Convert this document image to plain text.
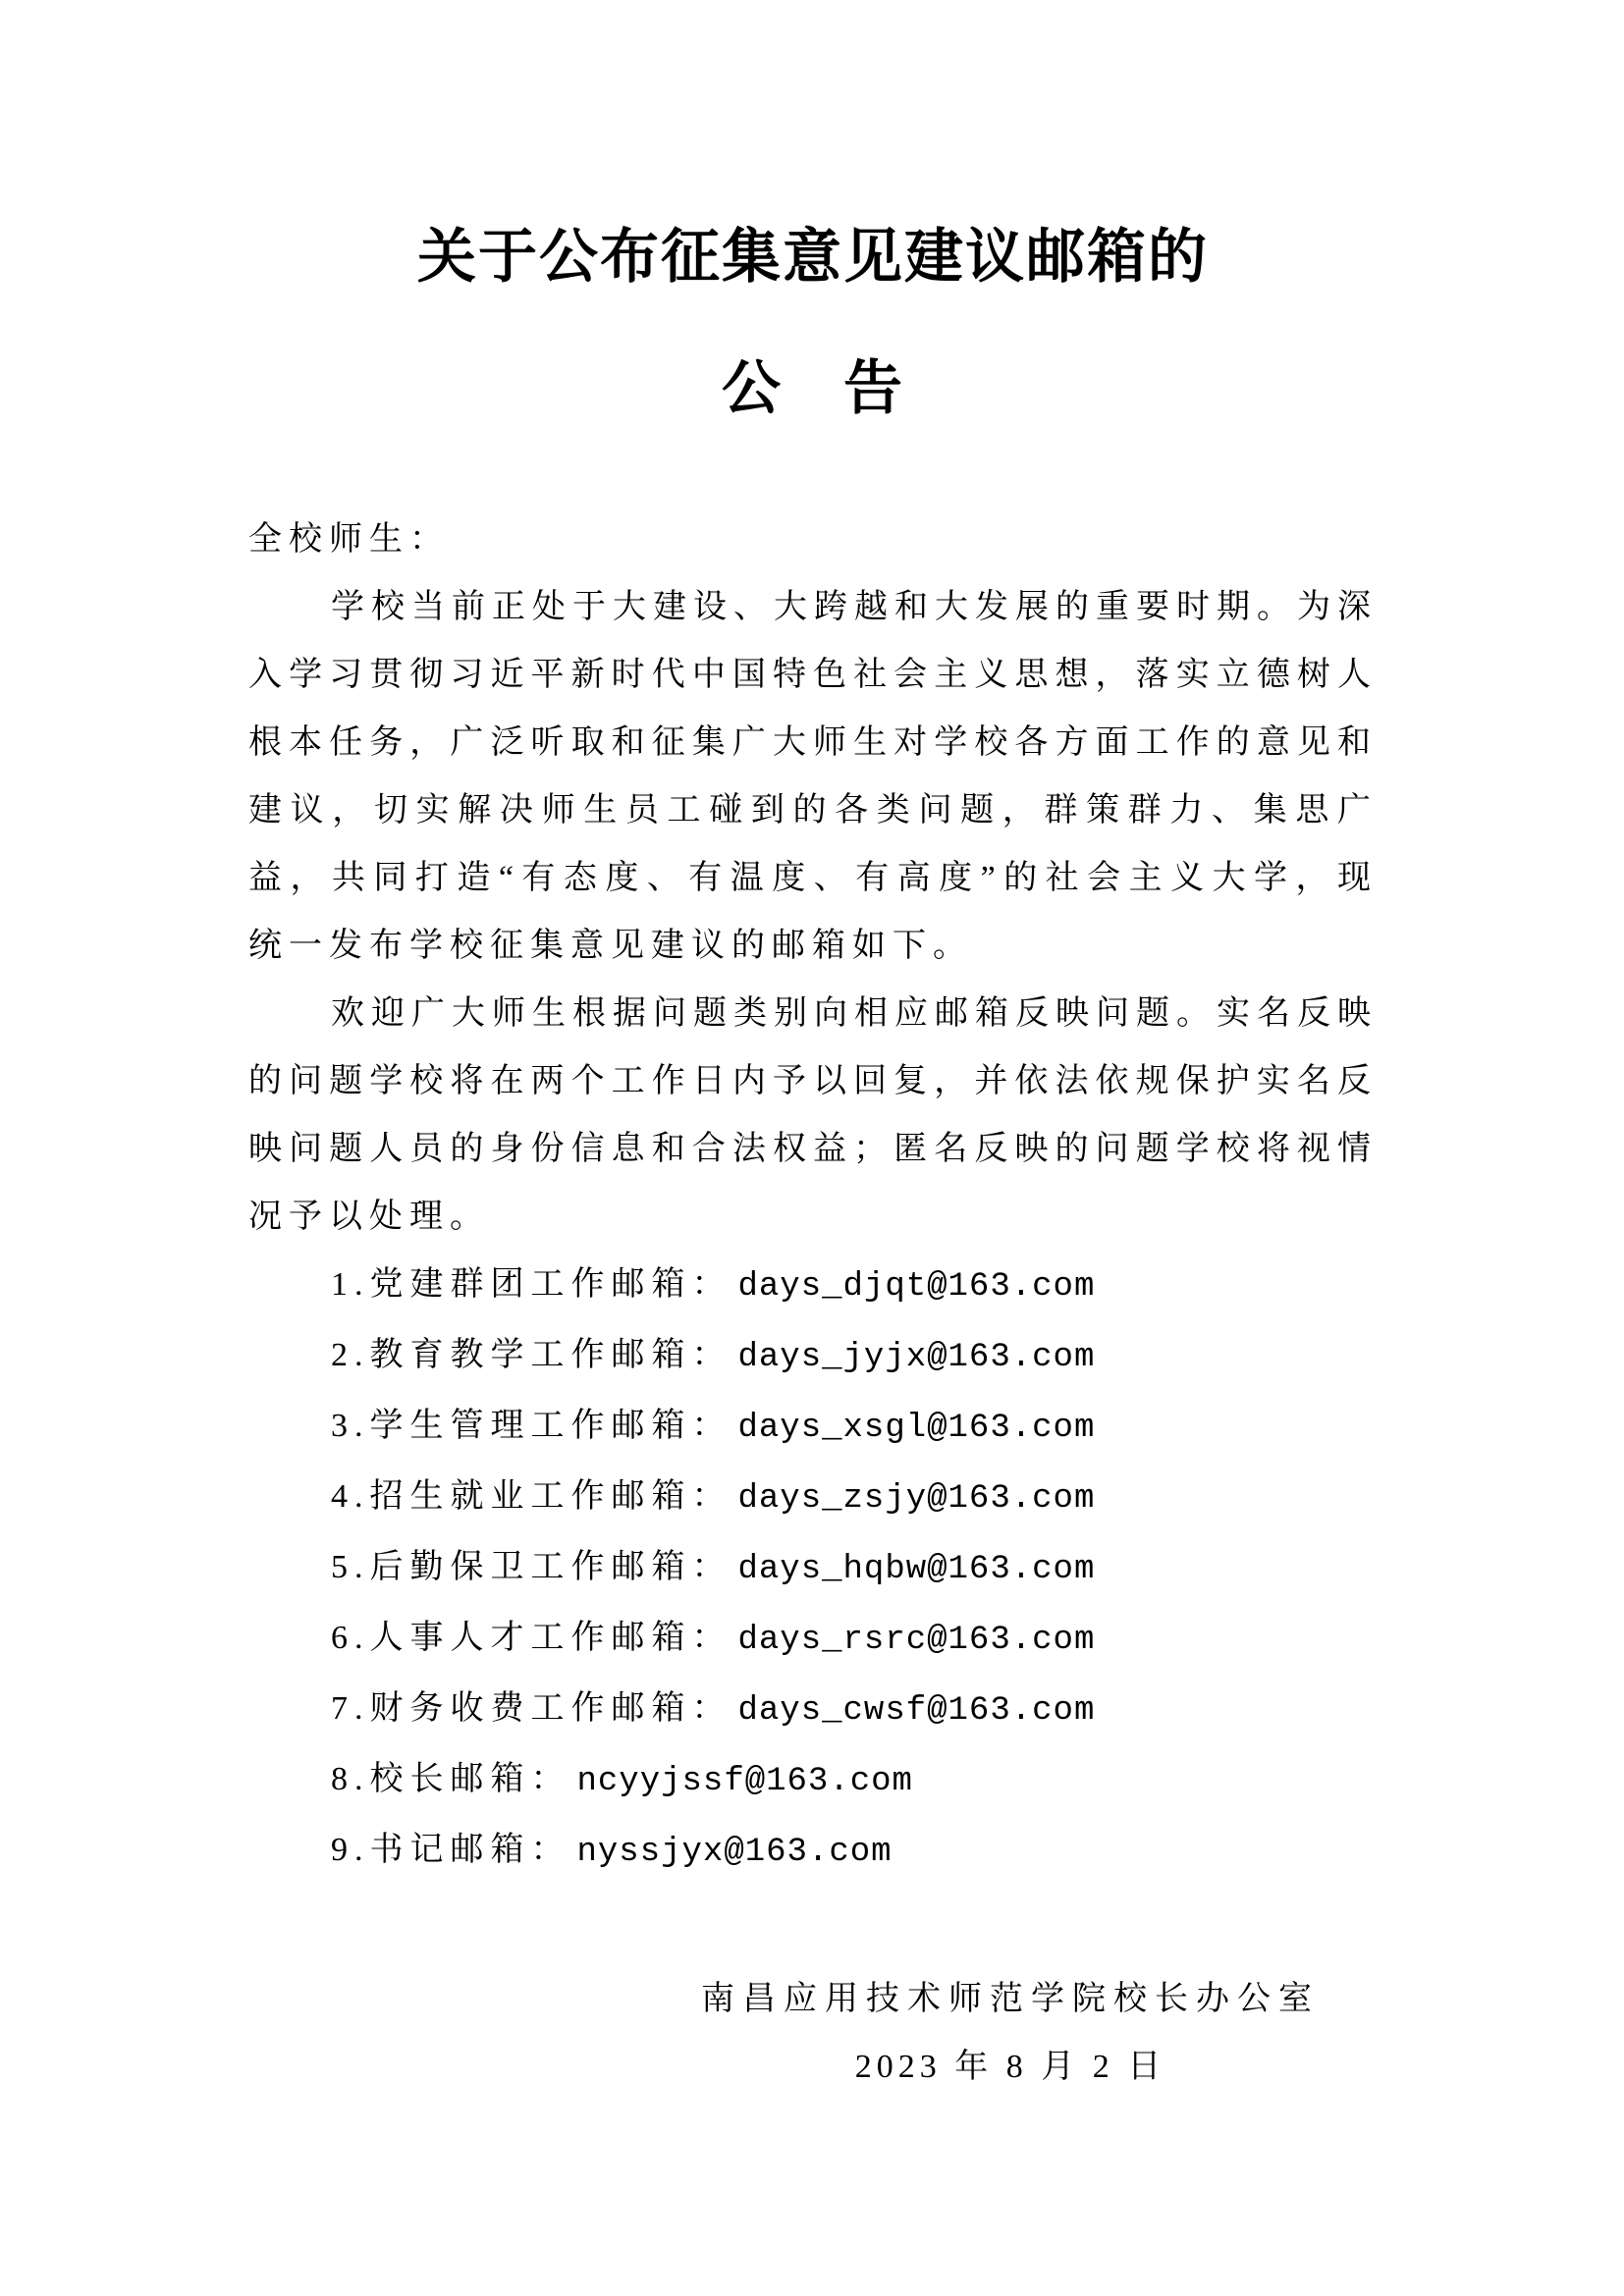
关于公布征集意见建议邮箱的
公　告
全校师生：
学校当前正处于大建设、大跨越和大发展的重要时期。为深入学习贯彻习近平新时代中国特色社会主义思想，落实立德树人根本任务，广泛听取和征集广大师生对学校各方面工作的意见和建议，切实解决师生员工碰到的各类问题，群策群力、集思广益，共同打造“有态度、有温度、有高度”的社会主义大学，现统一发布学校征集意见建议的邮箱如下。
欢迎广大师生根据问题类别向相应邮箱反映问题。实名反映的问题学校将在两个工作日内予以回复，并依法依规保护实名反映问题人员的身份信息和合法权益；匿名反映的问题学校将视情况予以处理。
1.党建群团工作邮箱： days_djqt@163.com
2.教育教学工作邮箱： days_jyjx@163.com
3.学生管理工作邮箱： days_xsgl@163.com
4.招生就业工作邮箱： days_zsjy@163.com
5.后勤保卫工作邮箱： days_hqbw@163.com
6.人事人才工作邮箱： days_rsrc@163.com
7.财务收费工作邮箱： days_cwsf@163.com
8.校长邮箱： ncyyjssf@163.com
9.书记邮箱： nyssjyx@163.com
南昌应用技术师范学院校长办公室
2023 年 8 月 2 日
